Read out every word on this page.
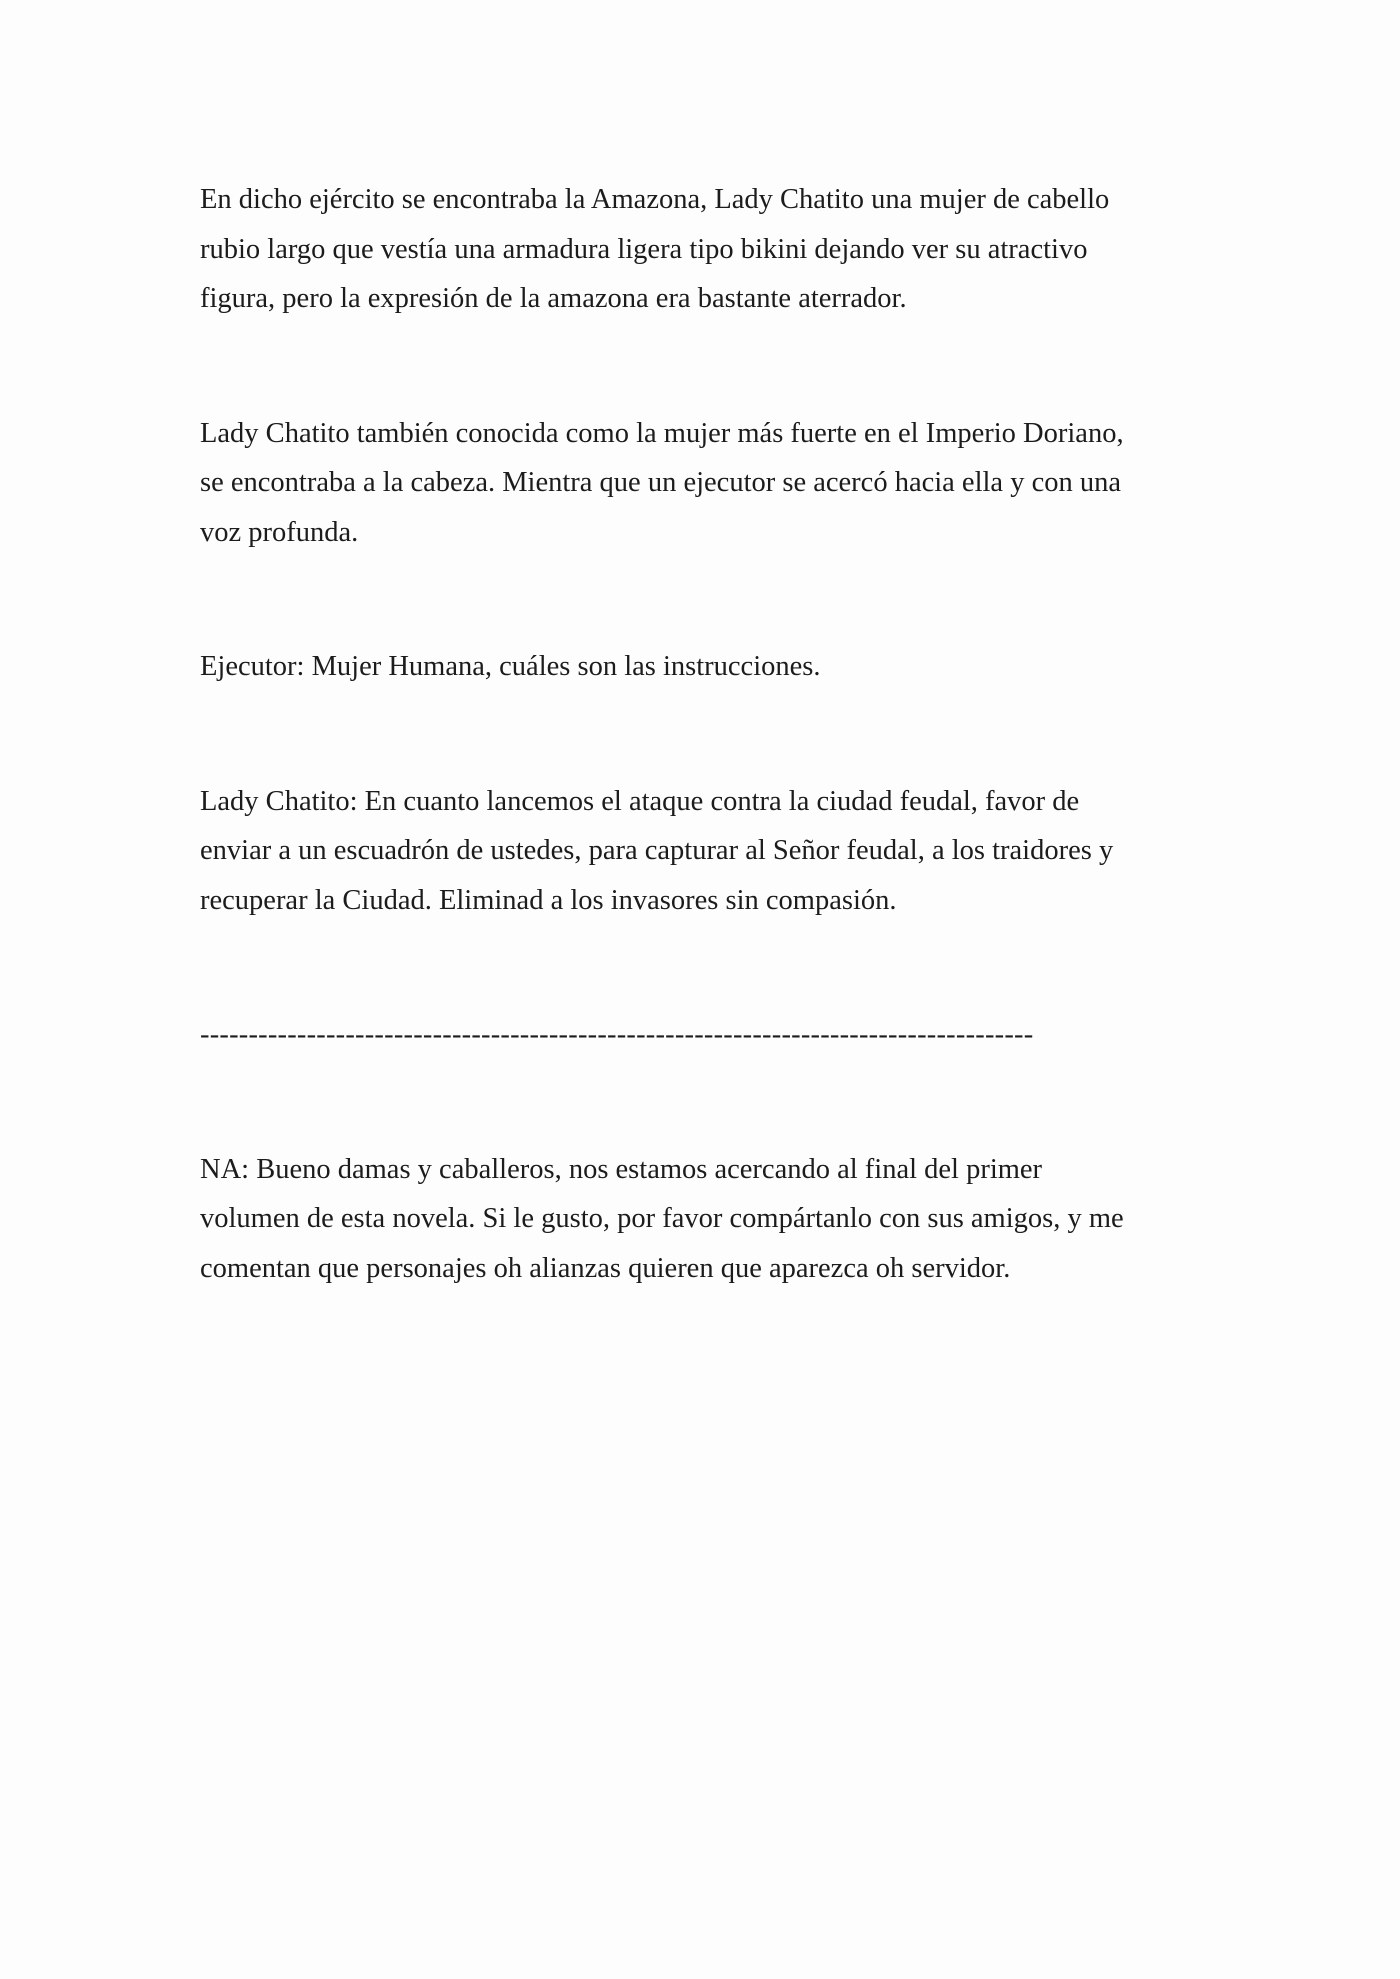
En dicho ejército se encontraba la Amazona, Lady Chatito una mujer de cabello
rubio largo que vestía una armadura ligera tipo bikini dejando ver su atractivo
figura, pero la expresión de la amazona era bastante aterrador.

Lady Chatito también conocida como la mujer más fuerte en el Imperio Doriano,
se encontraba a la cabeza. Mientra que un ejecutor se acercó hacia ella y con una
voz profunda.

Ejecutor: Mujer Humana, cuáles son las instrucciones.

Lady Chatito: En cuanto lancemos el ataque contra la ciudad feudal, favor de
enviar a un escuadrón de ustedes, para capturar al Señor feudal, a los traidores y
recuperar la Ciudad. Eliminad a los invasores sin compasión.

--------------------------------------------------------------------------------------

NA: Bueno damas y caballeros, nos estamos acercando al final del primer
volumen de esta novela. Si le gusto, por favor compártanlo con sus amigos, y me
comentan que personajes oh alianzas quieren que aparezca oh servidor.
